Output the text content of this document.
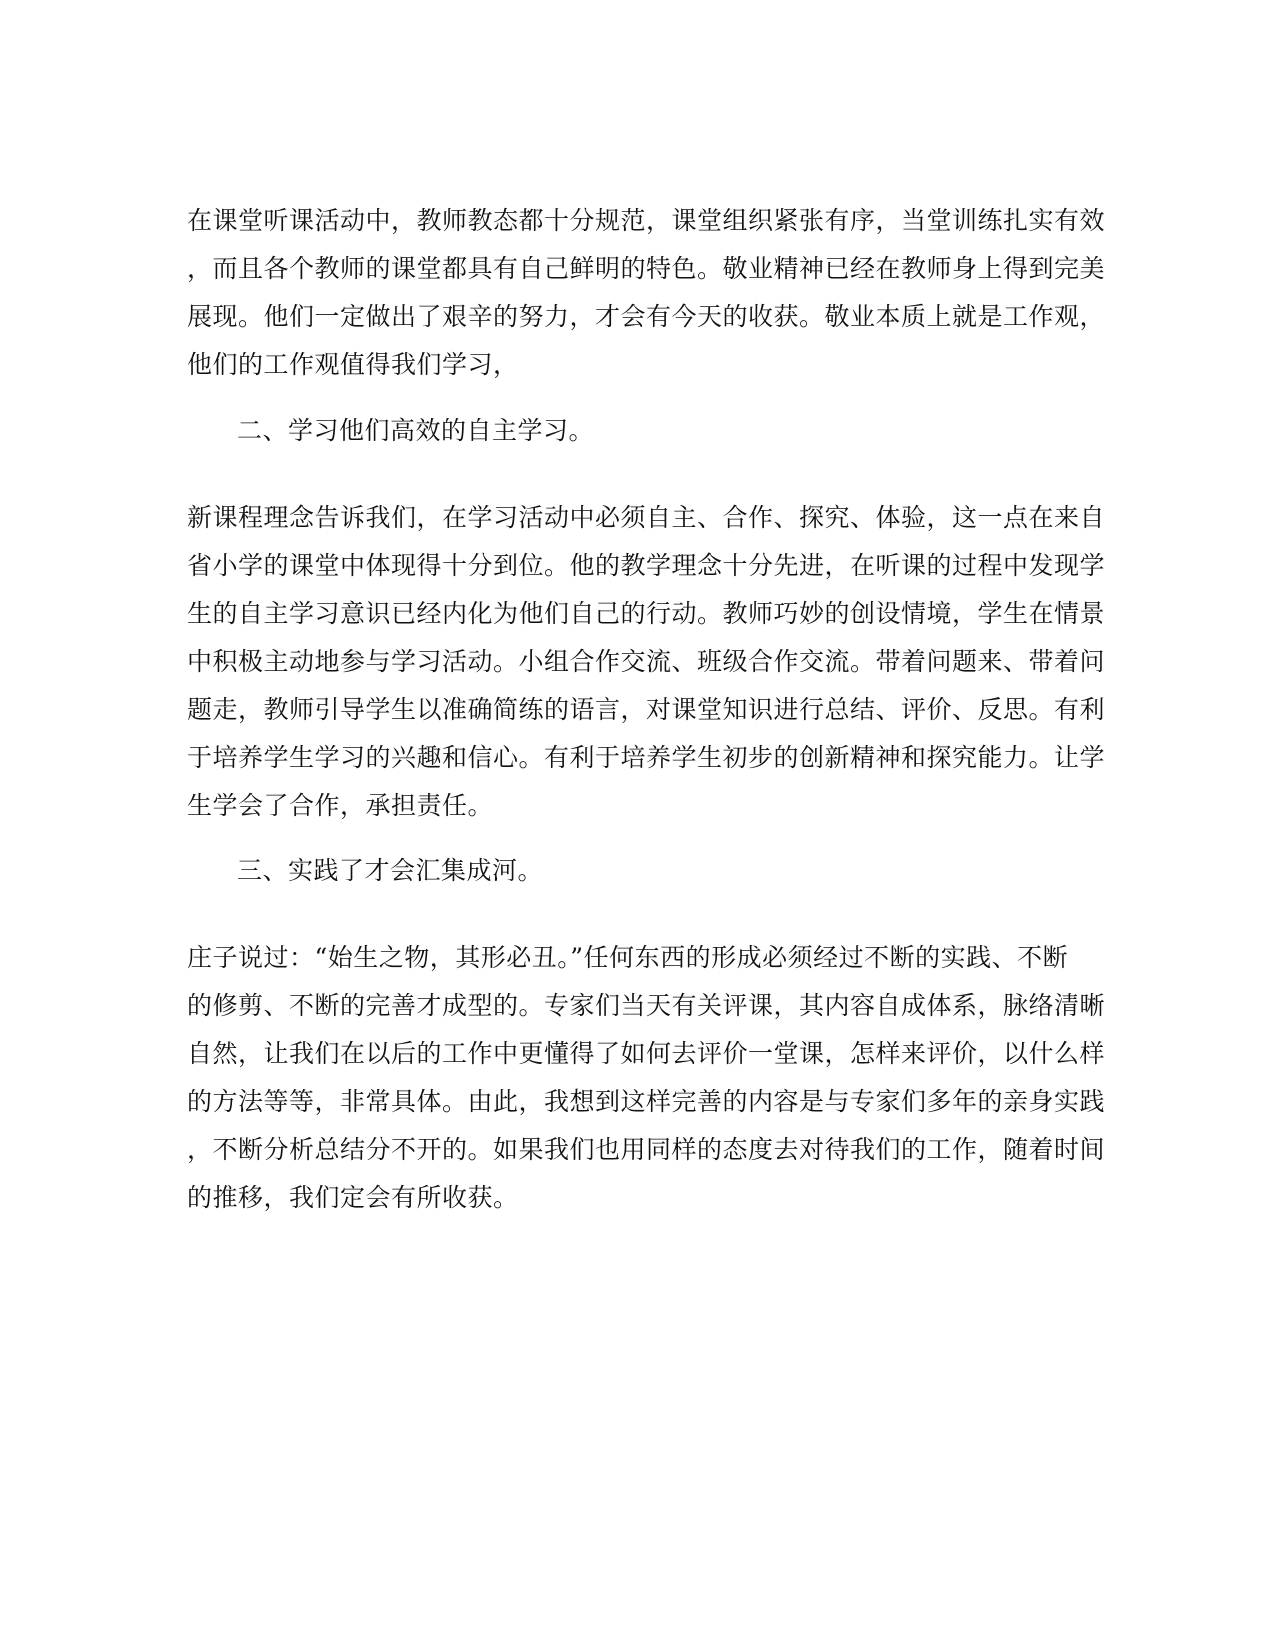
在课堂听课活动中，教师教态都十分规范，课堂组织紧张有序，当堂训练扎实有效
，而且各个教师的课堂都具有自己鲜明的特色。敬业精神已经在教师身上得到完美
展现。他们一定做出了艰辛的努力，才会有今天的收获。敬业本质上就是工作观，
他们的工作观值得我们学习，

二、学习他们高效的自主学习。

新课程理念告诉我们，在学习活动中必须自主、合作、探究、体验，这一点在来自
省小学的课堂中体现得十分到位。他的教学理念十分先进，在听课的过程中发现学
生的自主学习意识已经内化为他们自己的行动。教师巧妙的创设情境，学生在情景
中积极主动地参与学习活动。小组合作交流、班级合作交流。带着问题来、带着问
题走，教师引导学生以准确简练的语言，对课堂知识进行总结、评价、反思。有利
于培养学生学习的兴趣和信心。有利于培养学生初步的创新精神和探究能力。让学
生学会了合作，承担责任。

三、实践了才会汇集成河。

庄子说过：“始生之物，其形必丑。”任何东西的形成必须经过不断的实践、不断
的修剪、不断的完善才成型的。专家们当天有关评课，其内容自成体系，脉络清晰
自然，让我们在以后的工作中更懂得了如何去评价一堂课，怎样来评价，以什么样
的方法等等，非常具体。由此，我想到这样完善的内容是与专家们多年的亲身实践
，不断分析总结分不开的。如果我们也用同样的态度去对待我们的工作，随着时间
的推移，我们定会有所收获。
